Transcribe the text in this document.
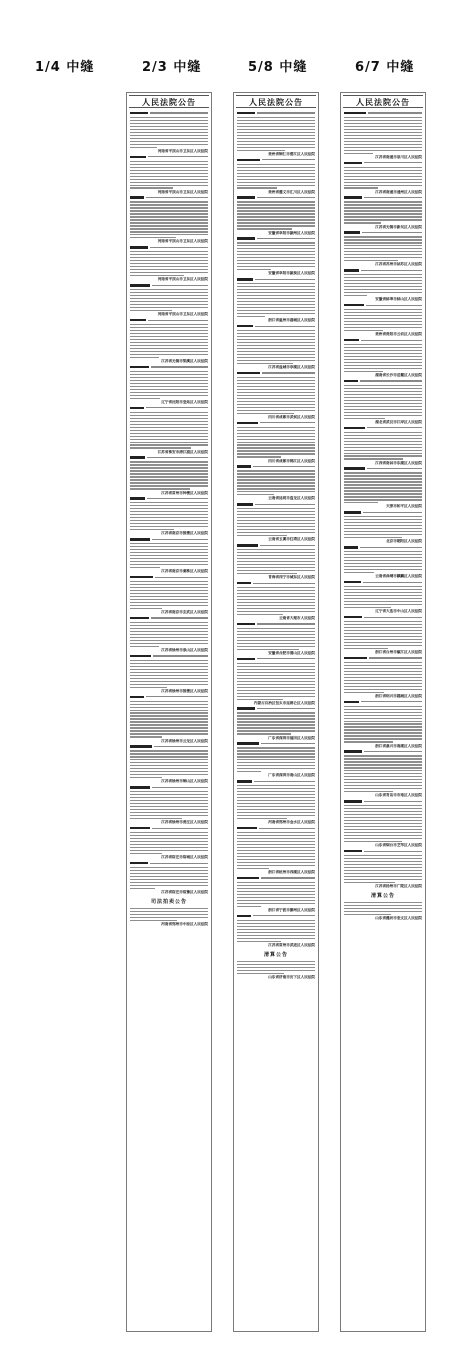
1/4 中缝	2/3 中缝	5/8 中缝	6/7 中缝
人民法院公告
河南省平顶山市卫东区人民法院
河南省平顶山市卫东区人民法院
河南省平顶山市卫东区人民法院
河南省平顶山市卫东区人民法院
河南省平顶山市卫东区人民法院
江苏省无锡市梁溪区人民法院
辽宁省沈阳市皇姑区人民法院
江苏省淮安市清江浦区人民法院
江苏省常州市钟楼区人民法院
江苏省南京市鼓楼区人民法院
江苏省南京市秦淮区人民法院
江苏省南京市玄武区人民法院
江苏省徐州市泉山区人民法院
江苏省徐州市鼓楼区人民法院
江苏省徐州市云龙区人民法院
江苏省徐州市铜山区人民法院
江苏省徐州市贾汪区人民法院
江苏省宿迁市宿城区人民法院
江苏省宿迁市宿豫区人民法院
司法拍卖公告
河南省郑州市中原区人民法院
人民法院公告
贵州省铜仁市碧江区人民法院
贵州省遵义市汇川区人民法院
安徽省阜阳市颍州区人民法院
安徽省阜阳市颍泉区人民法院
浙江省温州市鹿城区人民法院
江苏省盐城市亭湖区人民法院
四川省成都市武侯区人民法院
四川省成都市锦江区人民法院
云南省昆明市盘龙区人民法院
云南省玉溪市红塔区人民法院
青海省西宁市城东区人民法院
云南省大理市人民法院
安徽省合肥市蜀山区人民法院
内蒙古自治区包头市昆都仑区人民法院
广东省深圳市福田区人民法院
广东省深圳市南山区人民法院
河南省郑州市金水区人民法院
浙江省杭州市西湖区人民法院
浙江省宁波市鄞州区人民法院
江苏省常州市武进区人民法院
清算公告
山东省济南市历下区人民法院
人民法院公告
江苏省南通市崇川区人民法院
江苏省南通市通州区人民法院
江苏省无锡市新吴区人民法院
江苏省苏州市姑苏区人民法院
安徽省蚌埠市蚌山区人民法院
贵州省贵阳市云岩区人民法院
湖南省长沙市岳麓区人民法院
湖北省武汉市江岸区人民法院
江西省南昌市东湖区人民法院
天津市和平区人民法院
北京市朝阳区人民法院
云南省曲靖市麒麟区人民法院
辽宁省大连市中山区人民法院
浙江省台州市椒江区人民法院
浙江省绍兴市越城区人民法院
浙江省嘉兴市南湖区人民法院
山东省青岛市市南区人民法院
山东省烟台市芝罘区人民法院
江苏省扬州市广陵区人民法院
清算公告
山东省潍坊市奎文区人民法院
